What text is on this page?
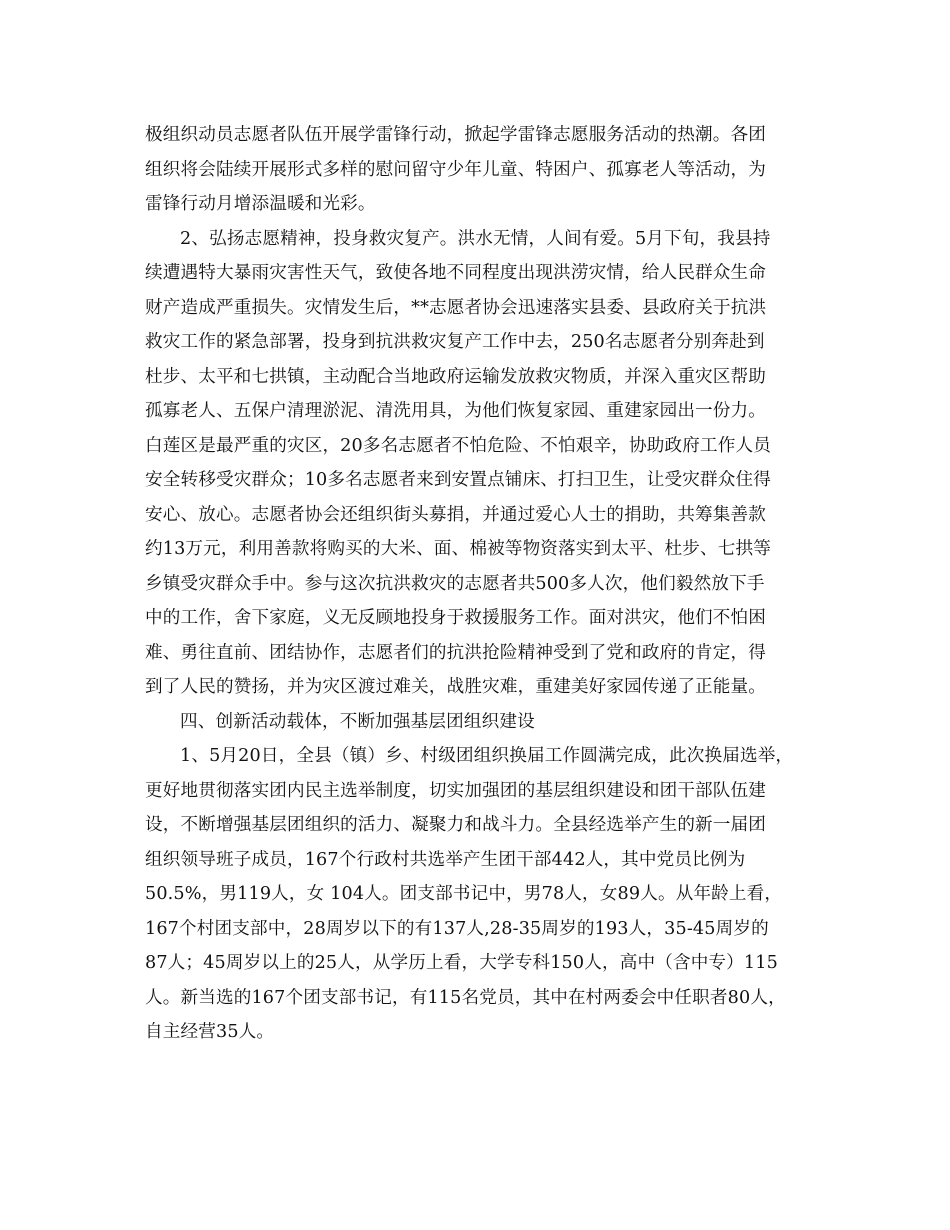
极组织动员志愿者队伍开展学雷锋行动，掀起学雷锋志愿服务活动的热潮。各团
组织将会陆续开展形式多样的慰问留守少年儿童、特困户、孤寡老人等活动，为
雷锋行动月增添温暖和光彩。
2、弘扬志愿精神，投身救灾复产。洪水无情，人间有爱。5月下旬，我县持
续遭遇特大暴雨灾害性天气，致使各地不同程度出现洪涝灾情，给人民群众生命
财产造成严重损失。灾情发生后，**志愿者协会迅速落实县委、县政府关于抗洪
救灾工作的紧急部署，投身到抗洪救灾复产工作中去，250名志愿者分别奔赴到
杜步、太平和七拱镇，主动配合当地政府运输发放救灾物质，并深入重灾区帮助
孤寡老人、五保户清理淤泥、清洗用具，为他们恢复家园、重建家园出一份力。
白莲区是最严重的灾区，20多名志愿者不怕危险、不怕艰辛，协助政府工作人员
安全转移受灾群众；10多名志愿者来到安置点铺床、打扫卫生，让受灾群众住得
安心、放心。志愿者协会还组织街头募捐，并通过爱心人士的捐助，共筹集善款
约13万元，利用善款将购买的大米、面、棉被等物资落实到太平、杜步、七拱等
乡镇受灾群众手中。参与这次抗洪救灾的志愿者共500多人次，他们毅然放下手
中的工作，舍下家庭，义无反顾地投身于救援服务工作。面对洪灾，他们不怕困
难、勇往直前、团结协作，志愿者们的抗洪抢险精神受到了党和政府的肯定，得
到了人民的赞扬，并为灾区渡过难关，战胜灾难，重建美好家园传递了正能量。
四、创新活动载体，不断加强基层团组织建设
1、5月20日，全县（镇）乡、村级团组织换届工作圆满完成，此次换届选举，
更好地贯彻落实团内民主选举制度，切实加强团的基层组织建设和团干部队伍建
设，不断增强基层团组织的活力、凝聚力和战斗力。全县经选举产生的新一届团
组织领导班子成员，167个行政村共选举产生团干部442人，其中党员比例为
50.5%，男119人，女 104人。团支部书记中，男78人，女89人。从年龄上看，
167个村团支部中，28周岁以下的有137人,28-35周岁的193人，35-45周岁的
87人；45周岁以上的25人，从学历上看，大学专科150人，高中（含中专）115
人。新当选的167个团支部书记，有115名党员，其中在村两委会中任职者80人，
自主经营35人。
